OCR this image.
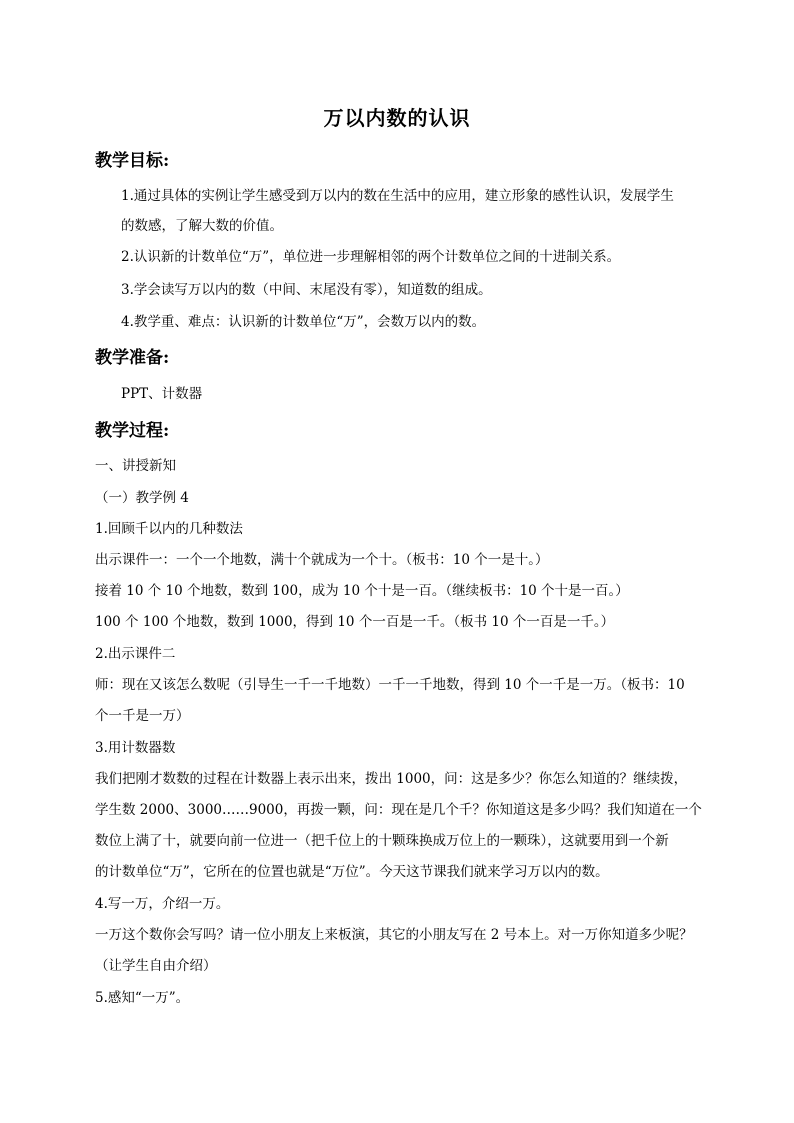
万以内数的认识
教学目标:
1.通过具体的实例让学生感受到万以内的数在生活中的应用，建立形象的感性认识，发展学生
的数感，了解大数的价值。
2.认识新的计数单位“万”，单位进一步理解相邻的两个计数单位之间的十进制关系。
3.学会读写万以内的数（中间、末尾没有零），知道数的组成。
4.教学重、难点：认识新的计数单位“万”，会数万以内的数。
教学准备:
PPT、计数器
教学过程:
一、讲授新知
（一）教学例 4
1.回顾千以内的几种数法
出示课件一：一个一个地数，满十个就成为一个十。（板书：10 个一是十。）
接着 10 个 10 个地数，数到 100，成为 10 个十是一百。（继续板书：10 个十是一百。）
100 个 100 个地数，数到 1000，得到 10 个一百是一千。（板书 10 个一百是一千。）
2.出示课件二
师：现在又该怎么数呢（引导生一千一千地数）一千一千地数，得到 10 个一千是一万。（板书：10
个一千是一万）
3.用计数器数
我们把刚才数数的过程在计数器上表示出来，拨出 1000，问：这是多少？你怎么知道的？继续拨，
学生数 2000、3000……9000，再拨一颗，问：现在是几个千？你知道这是多少吗？我们知道在一个
数位上满了十，就要向前一位进一（把千位上的十颗珠换成万位上的一颗珠），这就要用到一个新
的计数单位“万”，它所在的位置也就是“万位”。今天这节课我们就来学习万以内的数。
4.写一万，介绍一万。
一万这个数你会写吗？请一位小朋友上来板演，其它的小朋友写在 2 号本上。对一万你知道多少呢？
（让学生自由介绍）
5.感知“一万”。
